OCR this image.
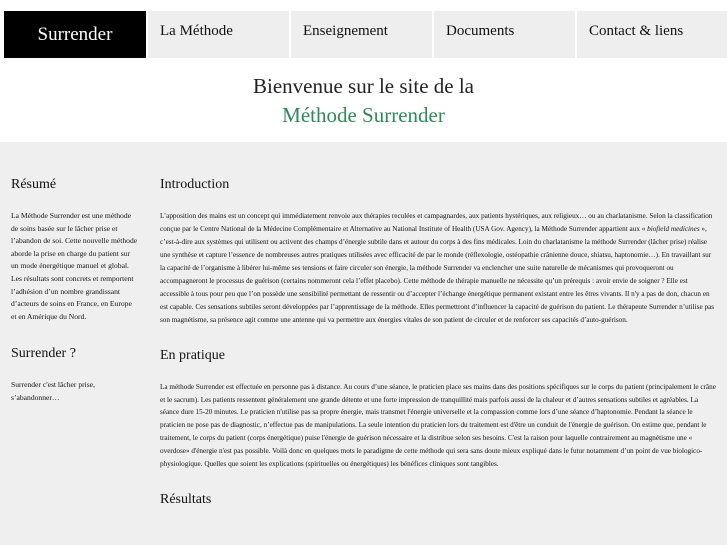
Surrender	La Méthode	Enseignement	Documents	Contact & liens
Bienvenue sur le site de la
Méthode Surrender
Résumé

La Méthode Surrender est une méthode de soins basée sur le lâcher prise et l’abandon de soi. Cette nouvelle méthode aborde la prise en charge du patient sur un mode énergétique manuel et global. Les résultats sont concrets et remportent l’adhésion d’un nombre grandissant d’acteurs de soins en France, en Europe et en Amérique du Nord.

Surrender ?

Surrender c'est lâcher prise, s’abandonner…

Introduction

L’apposition des mains est un concept qui immédiatement renvoie aux thérapies reculées et campagnardes, aux patients hystériques, aux religieux… ou au charlatanisme. Selon la classification conçue par le Centre National de la Médecine Complémentaire et Alternative au National Institute of Health (USA Gov. Agency), la Méthode Surrender appartient aux « biofield medicines », c’est-à-dire aux systèmes qui utilisent ou activent des champs d’énergie subtile dans et autour du corps à des fins médicales. Loin du charlatanisme la méthode Surrender (lâcher prise) réalise une synthèse et capture l’essence de nombreuses autres pratiques utilisées avec efficacité de par le monde (réflexologie, ostéopathie crânienne douce, shiatsu, haptonomie…). En travaillant sur la capacité de l’organisme à libérer lui-même ses tensions et faire circuler son énergie, la méthode Surrender va enclencher une suite naturelle de mécanismes qui provoqueront ou accompagneront le processus de guérison (certains nommeront cela l’effet placebo). Cette méthode de thérapie manuelle ne nécessite qu’un prérequis : avoir envie de soigner ? Elle est accessible à tous pour peu que l’on possède une sensibilité permettant de ressentir ou d’accepter l’échange énergétique permanent existant entre les êtres vivants. Il n'y a pas de don, chacun en est capable. Ces sensations subtiles seront développées par l’apprentissage de la méthode. Elles permettront d’influencer la capacité de guérison du patient. Le thérapeute Surrender n’utilise pas son magnétisme, sa présence agit comme une antenne qui va permettre aux énergies vitales de son patient de circuler et de renforcer ses capacités d’auto-guérison.

En pratique

La méthode Surrender est effectuée en personne pas à distance. Au cours d’une séance, le praticien place ses mains dans des positions spécifiques sur le corps du patient (principalement le crâne et le sacrum). Les patients ressentent généralement une grande détente et une forte impression de tranquillité mais parfois aussi de la chaleur et d’autres sensations subtiles et agréables. La séance dure 15-20 minutes. Le praticien n'utilise pas sa propre énergie, mais transmet l'énergie universelle et la compassion comme lors d’une séance d’haptonomie. Pendant la séance le praticien ne pose pas de diagnostic, n’effectue pas de manipulations. La seule intention du praticien lors du traitement est d'être un conduit de l'énergie de guérison. On estime que, pendant le traitement, le corps du patient (corps énergétique) puise l'énergie de guérison nécessaire et la distribue selon ses besoins. C'est la raison pour laquelle contrairement au magnétisme une « overdose» d'énergie n'est pas possible. Voilà donc en quelques mots le paradigme de cette méthode qui sera sans doute mieux expliqué dans le futur notamment d’un point de vue biologico-physiologique. Quelles que soient les explications (spirituelles ou énergétiques) les bénéfices cliniques sont tangibles.

Résultats
